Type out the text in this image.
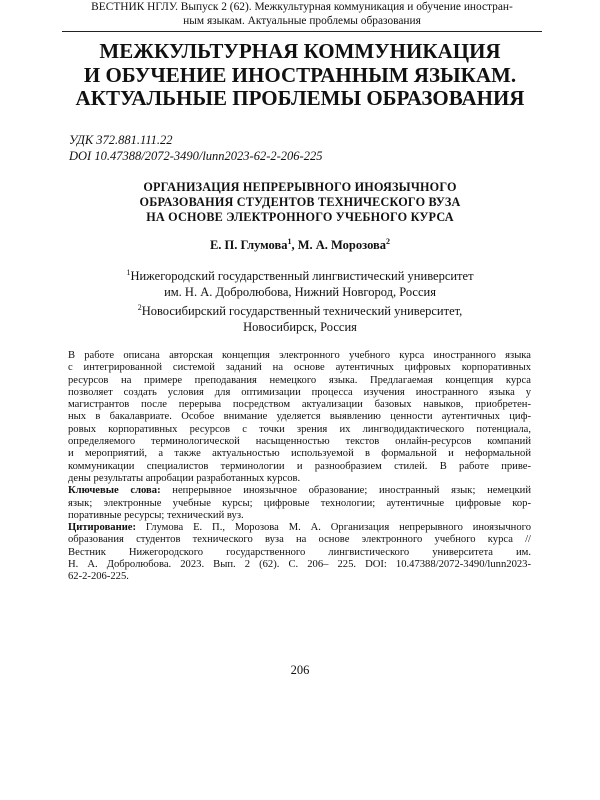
ВЕСТНИК НГЛУ. Выпуск 2 (62). Межкультурная коммуникация и обучение иностран-
ным языкам. Актуальные проблемы образования
МЕЖКУЛЬТУРНАЯ КОММУНИКАЦИЯ
И ОБУЧЕНИЕ ИНОСТРАННЫМ ЯЗЫКАМ.
АКТУАЛЬНЫЕ ПРОБЛЕМЫ ОБРАЗОВАНИЯ
УДК 372.881.111.22
DOI 10.47388/2072-3490/lunn2023-62-2-206-225
ОРГАНИЗАЦИЯ НЕПРЕРЫВНОГО ИНОЯЗЫЧНОГО
ОБРАЗОВАНИЯ СТУДЕНТОВ ТЕХНИЧЕСКОГО ВУЗА
НА ОСНОВЕ ЭЛЕКТРОННОГО УЧЕБНОГО КУРСА
Е. П. Глумова$^1$, М. А. Морозова$^2$
$^1$Нижегородский государственный лингвистический университет
им. Н. А. Добролюбова, Нижний Новгород, Россия
$^2$Новосибирский государственный технический университет,
Новосибирск, Россия
В работе описана авторская концепция электронного учебного курса иностранного языка
с интегрированной системой заданий на основе аутентичных цифровых корпоративных
ресурсов на примере преподавания немецкого языка. Предлагаемая концепция курса
позволяет создать условия для оптимизации процесса изучения иностранного языка у
магистрантов после перерыва посредством актуализации базовых навыков, приобретен-
ных в бакалавриате. Особое внимание уделяется выявлению ценности аутентичных циф-
ровых корпоративных ресурсов с точки зрения их лингводидактического потенциала,
определяемого терминологической насыщенностью текстов онлайн-ресурсов компаний
и мероприятий, а также актуальностью используемой в формальной и неформальной
коммуникации специалистов терминологии и разнообразием стилей. В работе приве-
дены результаты апробации разработанных курсов.
Ключевые слова: непрерывное иноязычное образование; иностранный язык; немецкий
язык; электронные учебные курсы; цифровые технологии; аутентичные цифровые кор-
поративные ресурсы; технический вуз.
Цитирование: Глумова Е. П., Морозова М. А. Организация непрерывного иноязычного
образования студентов технического вуза на основе электронного учебного курса //
Вестник Нижегородского государственного лингвистического университета им.
Н. А. Добролюбова. 2023. Вып. 2 (62). С. 206– 225. DOI: 10.47388/2072-3490/lunn2023-
62-2-206-225.
206
